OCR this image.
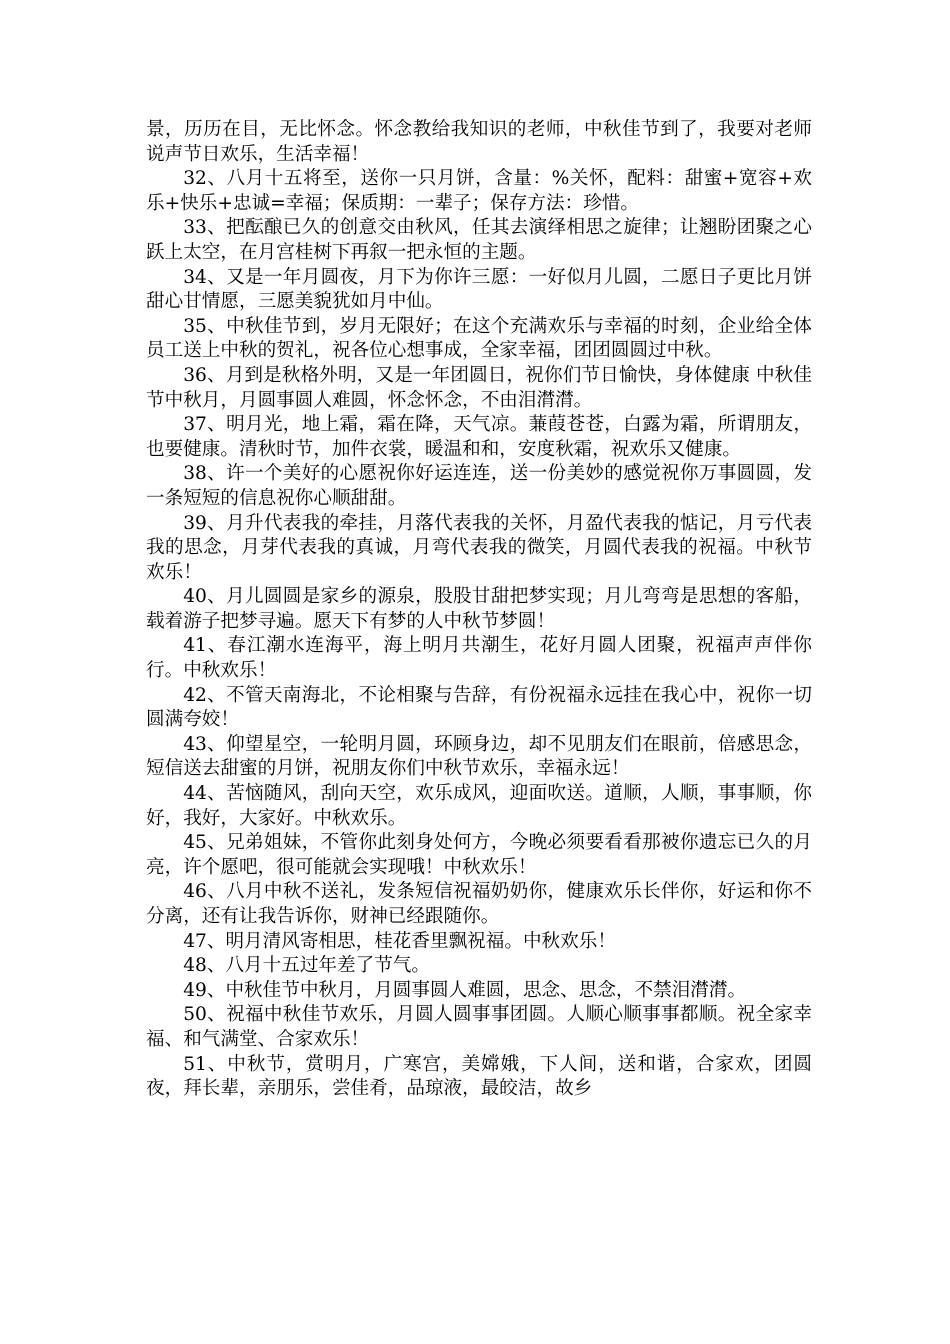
景，历历在目，无比怀念。怀念教给我知识的老师，中秋佳节到了，我要对老师说声节日欢乐，生活幸福！

32、八月十五将至，送你一只月饼，含量：%关怀，配料：甜蜜+宽容+欢乐+快乐+忠诚=幸福；保质期：一辈子；保存方法：珍惜。

33、把酝酿已久的创意交由秋风，任其去演绎相思之旋律；让翘盼团聚之心跃上太空，在月宫桂树下再叙一把永恒的主题。

34、又是一年月圆夜，月下为你许三愿：一好似月儿圆，二愿日子更比月饼甜心甘情愿，三愿美貌犹如月中仙。

35、中秋佳节到，岁月无限好；在这个充满欢乐与幸福的时刻，企业给全体员工送上中秋的贺礼，祝各位心想事成，全家幸福，团团圆圆过中秋。

36、月到是秋格外明，又是一年团圆日，祝你们节日愉快，身体健康 中秋佳节中秋月，月圆事圆人难圆，怀念怀念，不由泪潸潸。

37、明月光，地上霜，霜在降，天气凉。蒹葭苍苍，白露为霜，所谓朋友，也要健康。清秋时节，加件衣裳，暖温和和，安度秋霜，祝欢乐又健康。

38、许一个美好的心愿祝你好运连连，送一份美妙的感觉祝你万事圆圆，发一条短短的信息祝你心顺甜甜。

39、月升代表我的牵挂，月落代表我的关怀，月盈代表我的惦记，月亏代表我的思念，月芽代表我的真诚，月弯代表我的微笑，月圆代表我的祝福。中秋节欢乐！

40、月儿圆圆是家乡的源泉，股股甘甜把梦实现；月儿弯弯是思想的客船，载着游子把梦寻遍。愿天下有梦的人中秋节梦圆！

41、春江潮水连海平，海上明月共潮生，花好月圆人团聚，祝福声声伴你行。中秋欢乐！

42、不管天南海北，不论相聚与告辞，有份祝福永远挂在我心中，祝你一切圆满夸姣！

43、仰望星空，一轮明月圆，环顾身边，却不见朋友们在眼前，倍感思念，短信送去甜蜜的月饼，祝朋友你们中秋节欢乐，幸福永远！

44、苦恼随风，刮向天空，欢乐成风，迎面吹送。道顺，人顺，事事顺，你好，我好，大家好。中秋欢乐。

45、兄弟姐妹，不管你此刻身处何方，今晚必须要看看那被你遗忘已久的月亮，许个愿吧，很可能就会实现哦！中秋欢乐！

46、八月中秋不送礼，发条短信祝福奶奶你，健康欢乐长伴你，好运和你不分离，还有让我告诉你，财神已经跟随你。

47、明月清风寄相思，桂花香里飘祝福。中秋欢乐！

48、八月十五过年差了节气。

49、中秋佳节中秋月，月圆事圆人难圆，思念、思念，不禁泪潸潸。

50、祝福中秋佳节欢乐，月圆人圆事事团圆。人顺心顺事事都顺。祝全家幸福、和气满堂、合家欢乐！

51、中秋节，赏明月，广寒宫，美嫦娥，下人间，送和谐，合家欢，团圆夜，拜长辈，亲朋乐，尝佳肴，品琼液，最皎洁，故乡
